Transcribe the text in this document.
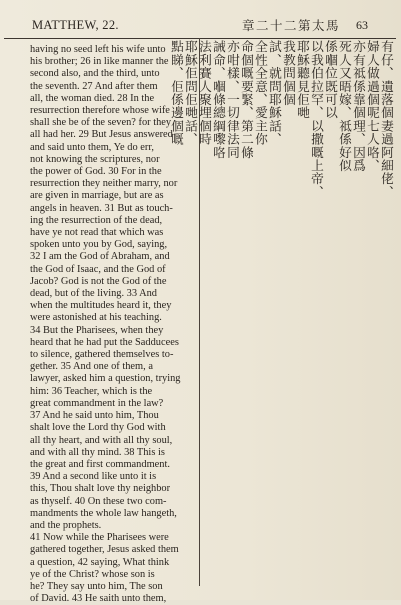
MATTHEW, 22.	章二十二第太馬 63
having no seed left his wife unto
his brother; 26 in like manner the
second also, and the third, unto
the seventh. 27 And after them
all, the woman died. 28 In the
resurrection therefore whose wife
shall she be of the seven? for they
all had her. 29 But Jesus answered
and said unto them, Ye do err,
not knowing the scriptures, nor
the power of God. 30 For in the
resurrection they neither marry, nor
are given in marriage, but are as
angels in heaven. 31 But as touch-
ing the resurrection of the dead,
have ye not read that which was
spoken unto you by God, saying,
32 I am the God of Abraham, and
the God of Isaac, and the God of
Jacob? God is not the God of the
dead, but of the living. 33 And
when the multitudes heard it, they
were astonished at his teaching.
34 But the Pharisees, when they
heard that he had put the Sadducees
to silence, gathered themselves to-
gether. 35 And one of them, a
lawyer, asked him a question, trying
him: 36 Teacher, which is the
great commandment in the law?
37 And he said unto him, Thou
shalt love the Lord thy God with
all thy heart, and with all thy soul,
and with all thy mind. 38 This is
the great and first commandment.
39 And a second like unto it is
this, Thou shalt love thy neighbor
as thyself. 40 On these two com-
mandments the whole law hangeth,
and the prophets.
41 Now while the Pharisees were
gathered together, Jesus asked them
a question, 42 saying, What think
ye of the Christ? whose son is
he? They say unto him, The son
of David. 43 He saith unto them,
有仔、遺落個妻過阿細佬、
婦人做過個呢七人咯、
亦有祗係靠個理、因爲
死人又晤嫁、祗係好似
係嗰位既可以
以我伯拉罕、以撒嘅上帝、
耶穌聽見佢哋
我教問個個
試、就問耶穌話、
全性全意、愛主你
命個嘅要緊、第二條
亦咁樣、一切律法同
誡命、嗰條總綱嚟咯
法利賽人聚埋個時
耶穌佢問佢哋話、
點睇、佢係邊個嘅
